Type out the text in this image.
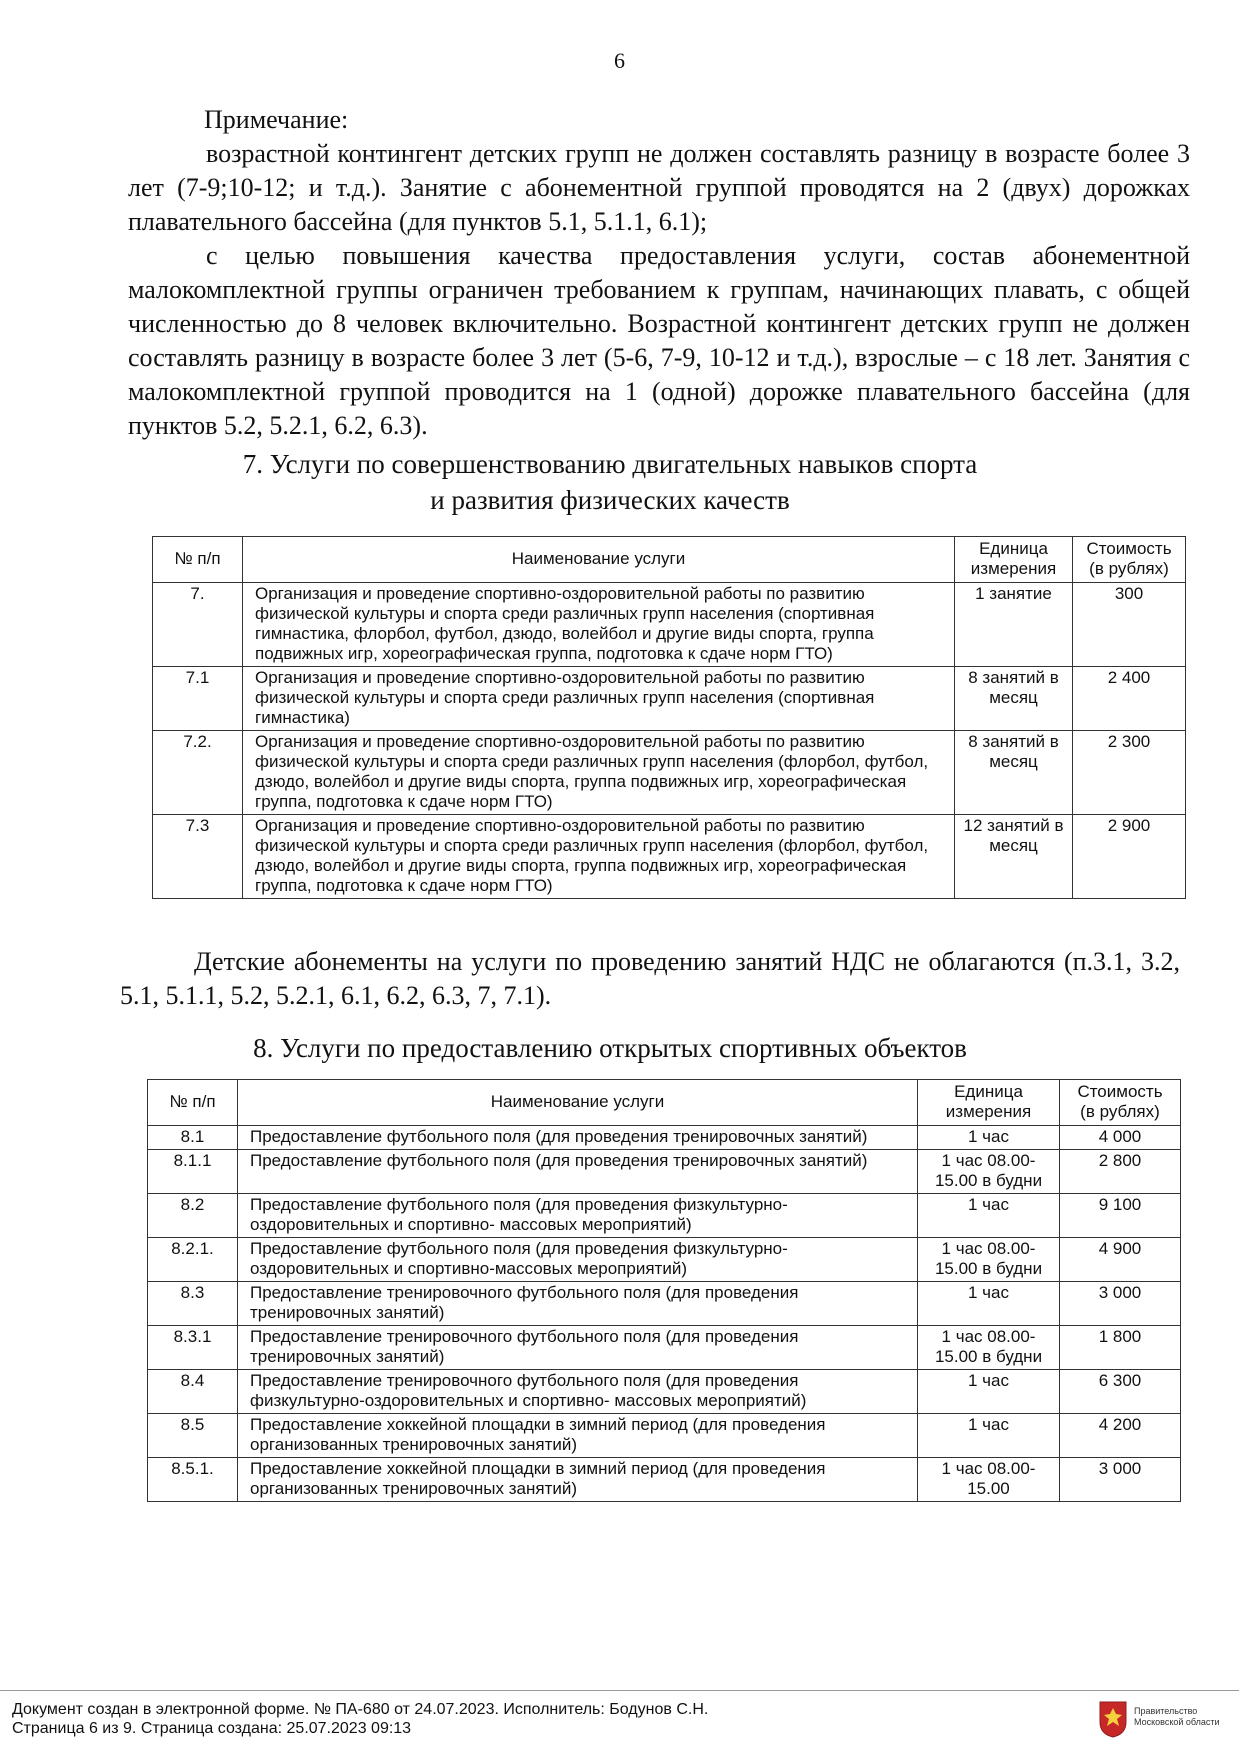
6

Примечание:

возрастной контингент детских групп не должен составлять разницу в возрасте более 3 лет (7-9;10-12; и т.д.). Занятие с абонементной группой проводятся на 2 (двух) дорожках плавательного бассейна (для пунктов 5.1, 5.1.1, 6.1);

с целью повышения качества предоставления услуги, состав абонементной малокомплектной группы ограничен требованием к группам, начинающих плавать, с общей численностью до 8 человек включительно. Возрастной контингент детских групп не должен составлять разницу в возрасте более 3 лет (5-6, 7-9, 10-12 и т.д.), взрослые – с 18 лет. Занятия с малокомплектной группой проводится на 1 (одной) дорожке плавательного бассейна (для пунктов 5.2, 5.2.1, 6.2, 6.3).

7. Услуги по совершенствованию двигательных навыков спорта
и развития физических качеств
№ п/п	Наименование услуги	Единица измерения	Стоимость (в рублях)
7.	Организация и проведение спортивно-оздоровительной работы по развитию физической культуры и спорта среди различных групп населения (спортивная гимнастика, флорбол, футбол, дзюдо, волейбол и другие виды спорта, группа подвижных игр, хореографическая группа, подготовка к сдаче норм ГТО)	1 занятие	300
7.1	Организация и проведение спортивно-оздоровительной работы по развитию физической культуры и спорта среди различных групп населения (спортивная гимнастика)	8 занятий в месяц	2 400
7.2.	Организация и проведение спортивно-оздоровительной работы по развитию физической культуры и спорта среди различных групп населения (флорбол, футбол, дзюдо, волейбол и другие виды спорта, группа подвижных игр, хореографическая группа, подготовка к сдаче норм ГТО)	8 занятий в месяц	2 300
7.3	Организация и проведение спортивно-оздоровительной работы по развитию физической культуры и спорта среди различных групп населения (флорбол, футбол, дзюдо, волейбол и другие виды спорта, группа подвижных игр, хореографическая группа, подготовка к сдаче норм ГТО)	12 занятий в месяц	2 900

Детские абонементы на услуги по проведению занятий НДС не облагаются (п.3.1, 3.2, 5.1, 5.1.1, 5.2, 5.2.1, 6.1, 6.2, 6.3, 7, 7.1).

8. Услуги по предоставлению открытых спортивных объектов
№ п/п	Наименование услуги	Единица измерения	Стоимость (в рублях)
8.1	Предоставление футбольного поля (для проведения тренировочных занятий)	1 час	4 000
8.1.1	Предоставление футбольного поля (для проведения тренировочных занятий)	1 час 08.00-15.00 в будни	2 800
8.2	Предоставление футбольного поля (для проведения физкультурно-оздоровительных и спортивно- массовых мероприятий)	1 час	9 100
8.2.1.	Предоставление футбольного поля (для проведения физкультурно-оздоровительных и спортивно-массовых мероприятий)	1 час 08.00-15.00 в будни	4 900
8.3	Предоставление тренировочного футбольного поля (для проведения тренировочных занятий)	1 час	3 000
8.3.1	Предоставление тренировочного футбольного поля (для проведения тренировочных занятий)	1 час 08.00-15.00 в будни	1 800
8.4	Предоставление тренировочного футбольного поля (для проведения физкультурно-оздоровительных и спортивно- массовых мероприятий)	1 час	6 300
8.5	Предоставление хоккейной площадки в зимний период (для проведения организованных тренировочных занятий)	1 час	4 200
8.5.1.	Предоставление хоккейной площадки в зимний период (для проведения организованных тренировочных занятий)	1 час 08.00-15.00	3 000
Документ создан в электронной форме. № ПА-680 от 24.07.2023. Исполнитель: Бодунов С.Н.
Страница 6 из 9. Страница создана: 25.07.2023 09:13
Правительство Московской области
